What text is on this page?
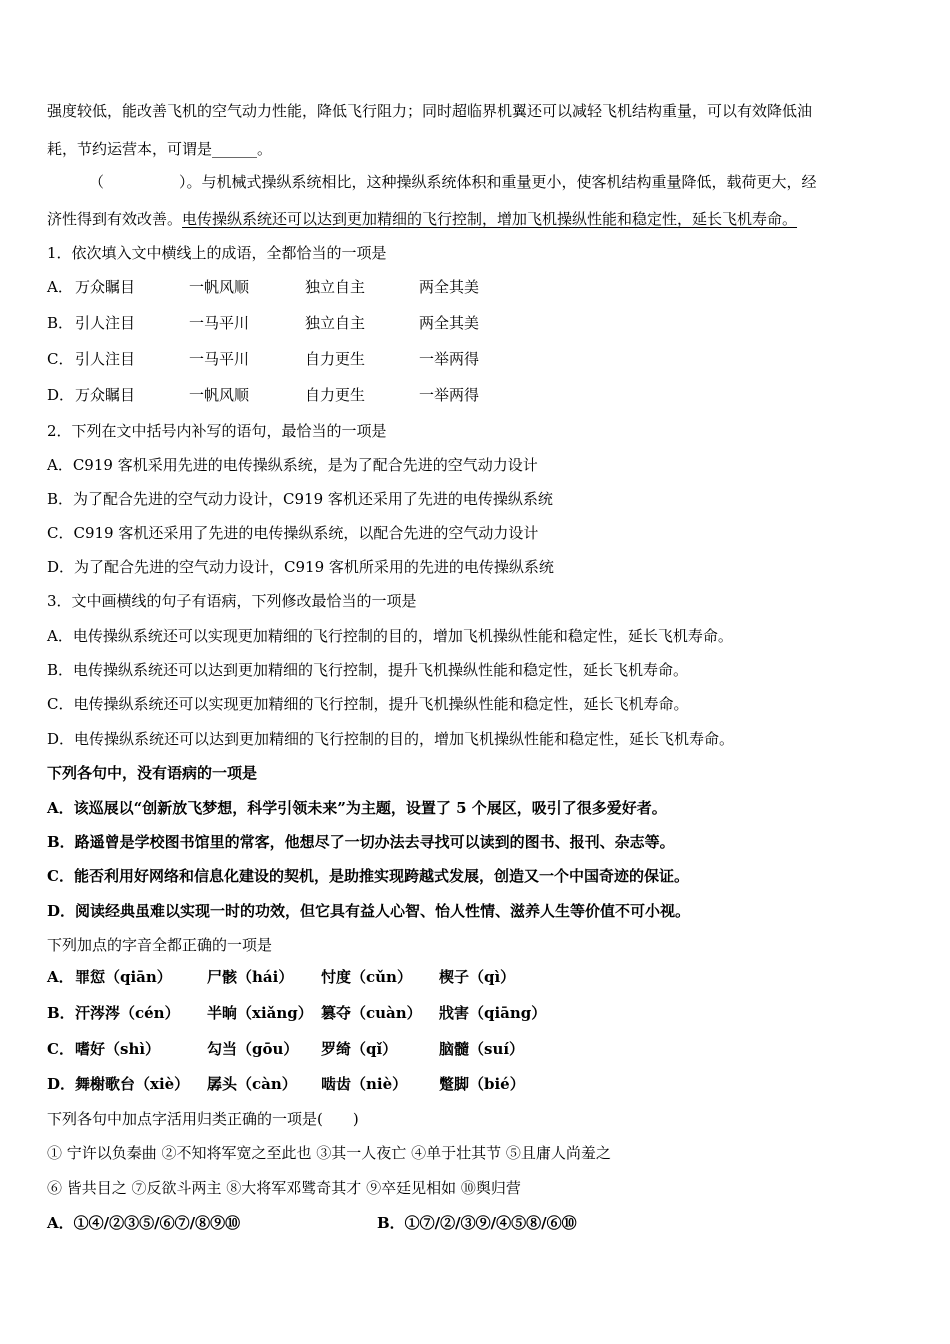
强度较低，能改善飞机的空气动力性能，降低飞行阻力；同时超临界机翼还可以减轻飞机结构重量，可以有效降低油
耗，节约运营本，可谓是______。
（　　　　　）。与机械式操纵系统相比，这种操纵系统体积和重量更小，使客机结构重量降低，载荷更大，经
济性得到有效改善。电传操纵系统还可以达到更加精细的飞行控制，增加飞机操纵性能和稳定性，延长飞机寿命。
1．依次填入文中横线上的成语，全都恰当的一项是
A． 万众瞩目	一帆风顺	独立自主	两全其美
B． 引人注目	一马平川	独立自主	两全其美
C． 引人注目	一马平川	自力更生	一举两得
D． 万众瞩目	一帆风顺	自力更生	一举两得
2．下列在文中括号内补写的语句，最恰当的一项是
A．C919 客机采用先进的电传操纵系统，是为了配合先进的空气动力设计
B．为了配合先进的空气动力设计，C919 客机还采用了先进的电传操纵系统
C．C919 客机还采用了先进的电传操纵系统，以配合先进的空气动力设计
D．为了配合先进的空气动力设计，C919 客机所采用的先进的电传操纵系统
3．文中画横线的句子有语病，下列修改最恰当的一项是
A．电传操纵系统还可以实现更加精细的飞行控制的目的，增加飞机操纵性能和稳定性，延长飞机寿命。
B．电传操纵系统还可以达到更加精细的飞行控制，提升飞机操纵性能和稳定性，延长飞机寿命。
C．电传操纵系统还可以实现更加精细的飞行控制，提升飞机操纵性能和稳定性，延长飞机寿命。
D．电传操纵系统还可以达到更加精细的飞行控制的目的，增加飞机操纵性能和稳定性，延长飞机寿命。
下列各句中，没有语病的一项是
A．该巡展以“创新放飞梦想，科学引领未来”为主题，设置了 5 个展区，吸引了很多爱好者。
B．路遥曾是学校图书馆里的常客，他想尽了一切办法去寻找可以读到的图书、报刊、杂志等。
C．能否利用好网络和信息化建设的契机，是助推实现跨越式发展，创造又一个中国奇迹的保证。
D．阅读经典虽难以实现一时的功效，但它具有益人心智、怡人性情、滋养人生等价值不可小视。
下列加点的字音全都正确的一项是
A． 罪愆（qiān） 尸骸（hái） 忖度（cǔn） 楔子（qì）
B． 汗涔涔（cén） 半晌（xiǎng） 篡夺（cuàn） 戕害（qiāng）
C． 嗜好（shì）	勾当（gōu） 罗绮（qǐ）	脑髓（suí）
D． 舞榭歌台（xiè） 孱头（càn） 啮齿（niè） 蹩脚（bié）
下列各句中加点字活用归类正确的一项是(　　)
① 宁许以负秦曲 ②不知将军宽之至此也 ③其一人夜亡 ④单于壮其节 ⑤且庸人尚羞之
⑥ 皆共目之 ⑦反欲斗两主 ⑧大将军邓骘奇其才 ⑨卒廷见相如 ⑩舆归营
A．①④/②③⑤/⑥⑦/⑧⑨⑩	B．①⑦/②/③⑨/④⑤⑧/⑥⑩
